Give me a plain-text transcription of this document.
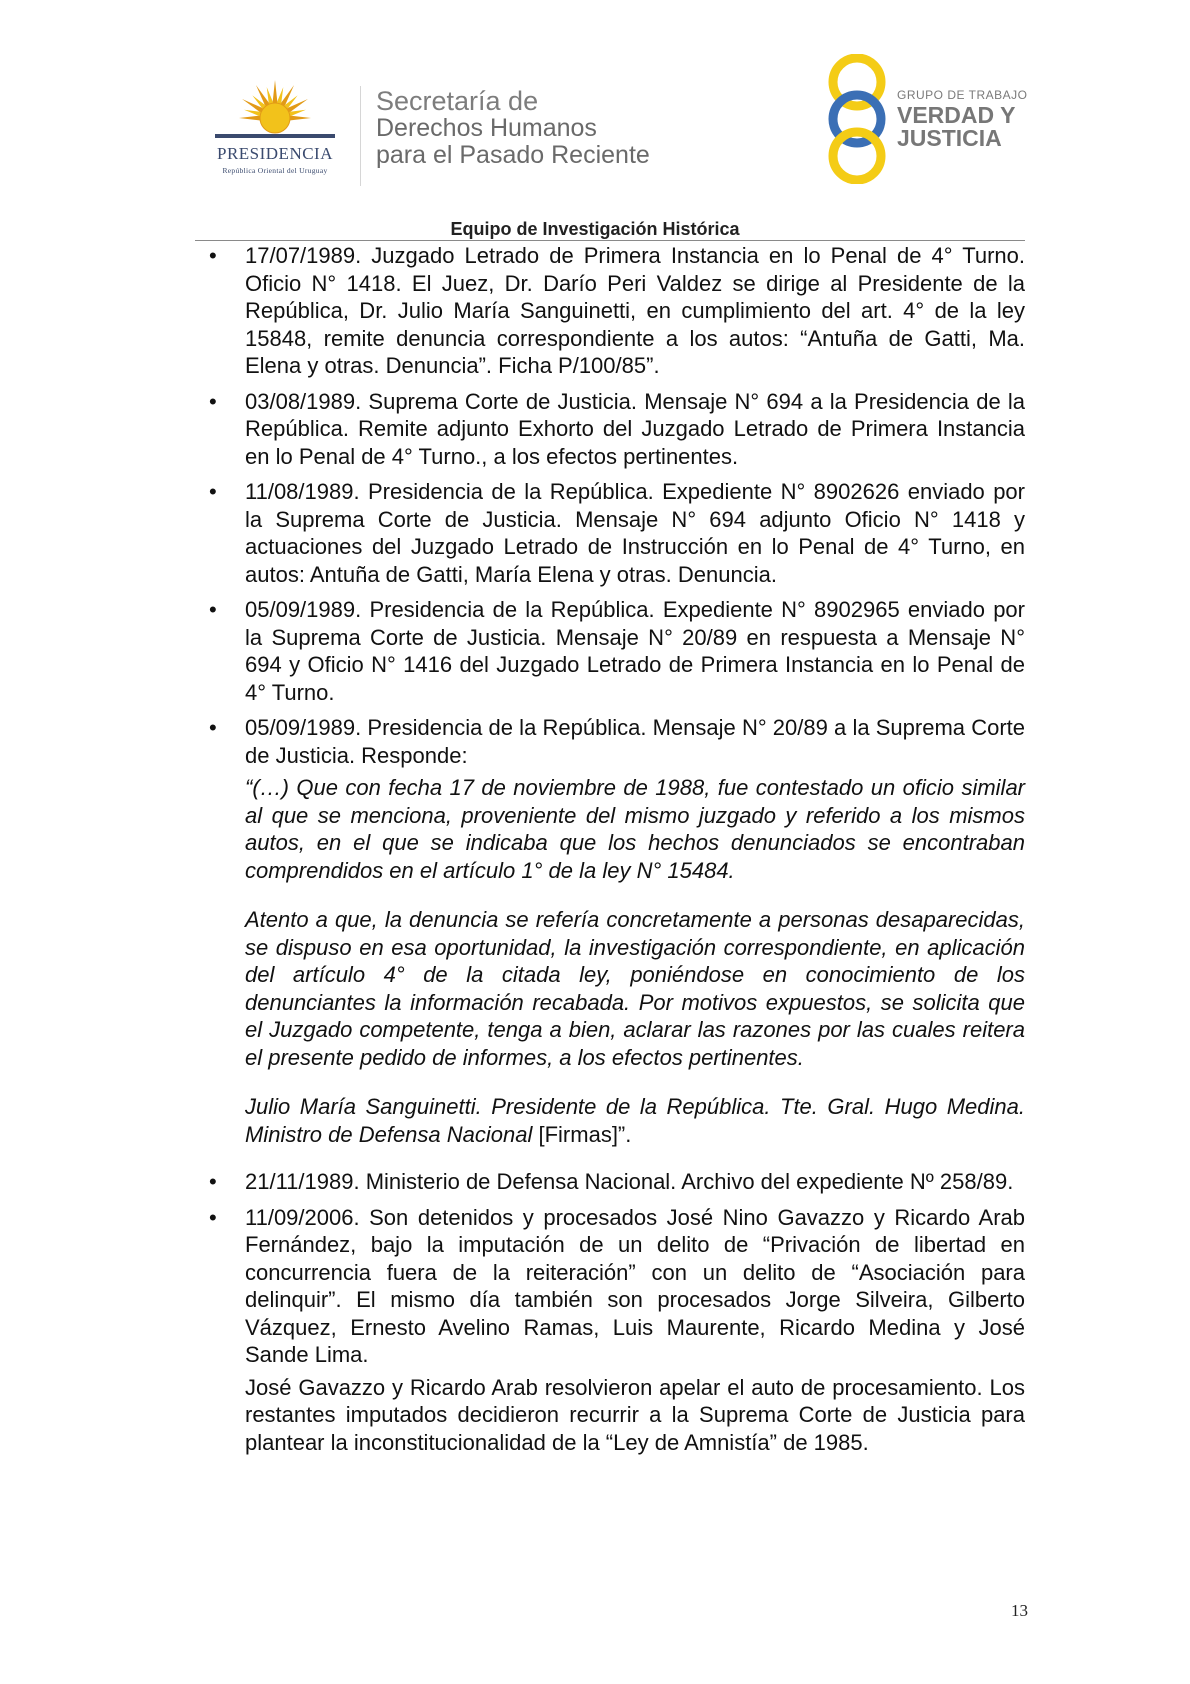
PRESIDENCIA
República Oriental del Uruguay
Secretaría de
Derechos Humanos
para el Pasado Reciente
GRUPO DE TRABAJO
VERDAD Y
JUSTICIA
Equipo de Investigación Histórica
• 17/07/1989. Juzgado Letrado de Primera Instancia en lo Penal de 4° Turno. Oficio N° 1418. El Juez, Dr. Darío Peri Valdez se dirige al Presidente de la República, Dr. Julio María Sanguinetti, en cumplimiento del art. 4° de la ley 15848, remite denuncia correspondiente a los autos: “Antuña de Gatti, Ma. Elena y otras. Denuncia”. Ficha P/100/85”.

• 03/08/1989. Suprema Corte de Justicia. Mensaje N° 694 a la Presidencia de la República. Remite adjunto Exhorto del Juzgado Letrado de Primera Instancia en lo Penal de 4° Turno., a los efectos pertinentes.

• 11/08/1989. Presidencia de la República. Expediente N° 8902626 enviado por la Suprema Corte de Justicia. Mensaje N° 694 adjunto Oficio N° 1418 y actuaciones del Juzgado Letrado de Instrucción en lo Penal de 4° Turno, en autos: Antuña de Gatti, María Elena y otras. Denuncia.

• 05/09/1989. Presidencia de la República. Expediente N° 8902965 enviado por la Suprema Corte de Justicia. Mensaje N° 20/89 en respuesta a Mensaje N° 694 y Oficio N° 1416 del Juzgado Letrado de Primera Instancia en lo Penal de 4° Turno.

• 05/09/1989. Presidencia de la República. Mensaje N° 20/89 a la Suprema Corte de Justicia. Responde:

“(…) Que con fecha 17 de noviembre de 1988, fue contestado un oficio similar al que se menciona, proveniente del mismo juzgado y referido a los mismos autos, en el que se indicaba que los hechos denunciados se encontraban comprendidos en el artículo 1° de la ley N° 15484.

Atento a que, la denuncia se refería concretamente a personas desaparecidas, se dispuso en esa oportunidad, la investigación correspondiente, en aplicación del artículo 4° de la citada ley, poniéndose en conocimiento de los denunciantes la información recabada. Por motivos expuestos, se solicita que el Juzgado competente, tenga a bien, aclarar las razones por las cuales reitera el presente pedido de informes, a los efectos pertinentes.

Julio María Sanguinetti. Presidente de la República. Tte. Gral. Hugo Medina. Ministro de Defensa Nacional [Firmas]”.

• 21/11/1989. Ministerio de Defensa Nacional. Archivo del expediente Nº 258/89.

• 11/09/2006. Son detenidos y procesados José Nino Gavazzo y Ricardo Arab Fernández, bajo la imputación de un delito de “Privación de libertad en concurrencia fuera de la reiteración” con un delito de “Asociación para delinquir”. El mismo día también son procesados Jorge Silveira, Gilberto Vázquez, Ernesto Avelino Ramas, Luis Maurente, Ricardo Medina y José Sande Lima.

José Gavazzo y Ricardo Arab resolvieron apelar el auto de procesamiento. Los restantes imputados decidieron recurrir a la Suprema Corte de Justicia para plantear la inconstitucionalidad de la “Ley de Amnistía” de 1985.

13
